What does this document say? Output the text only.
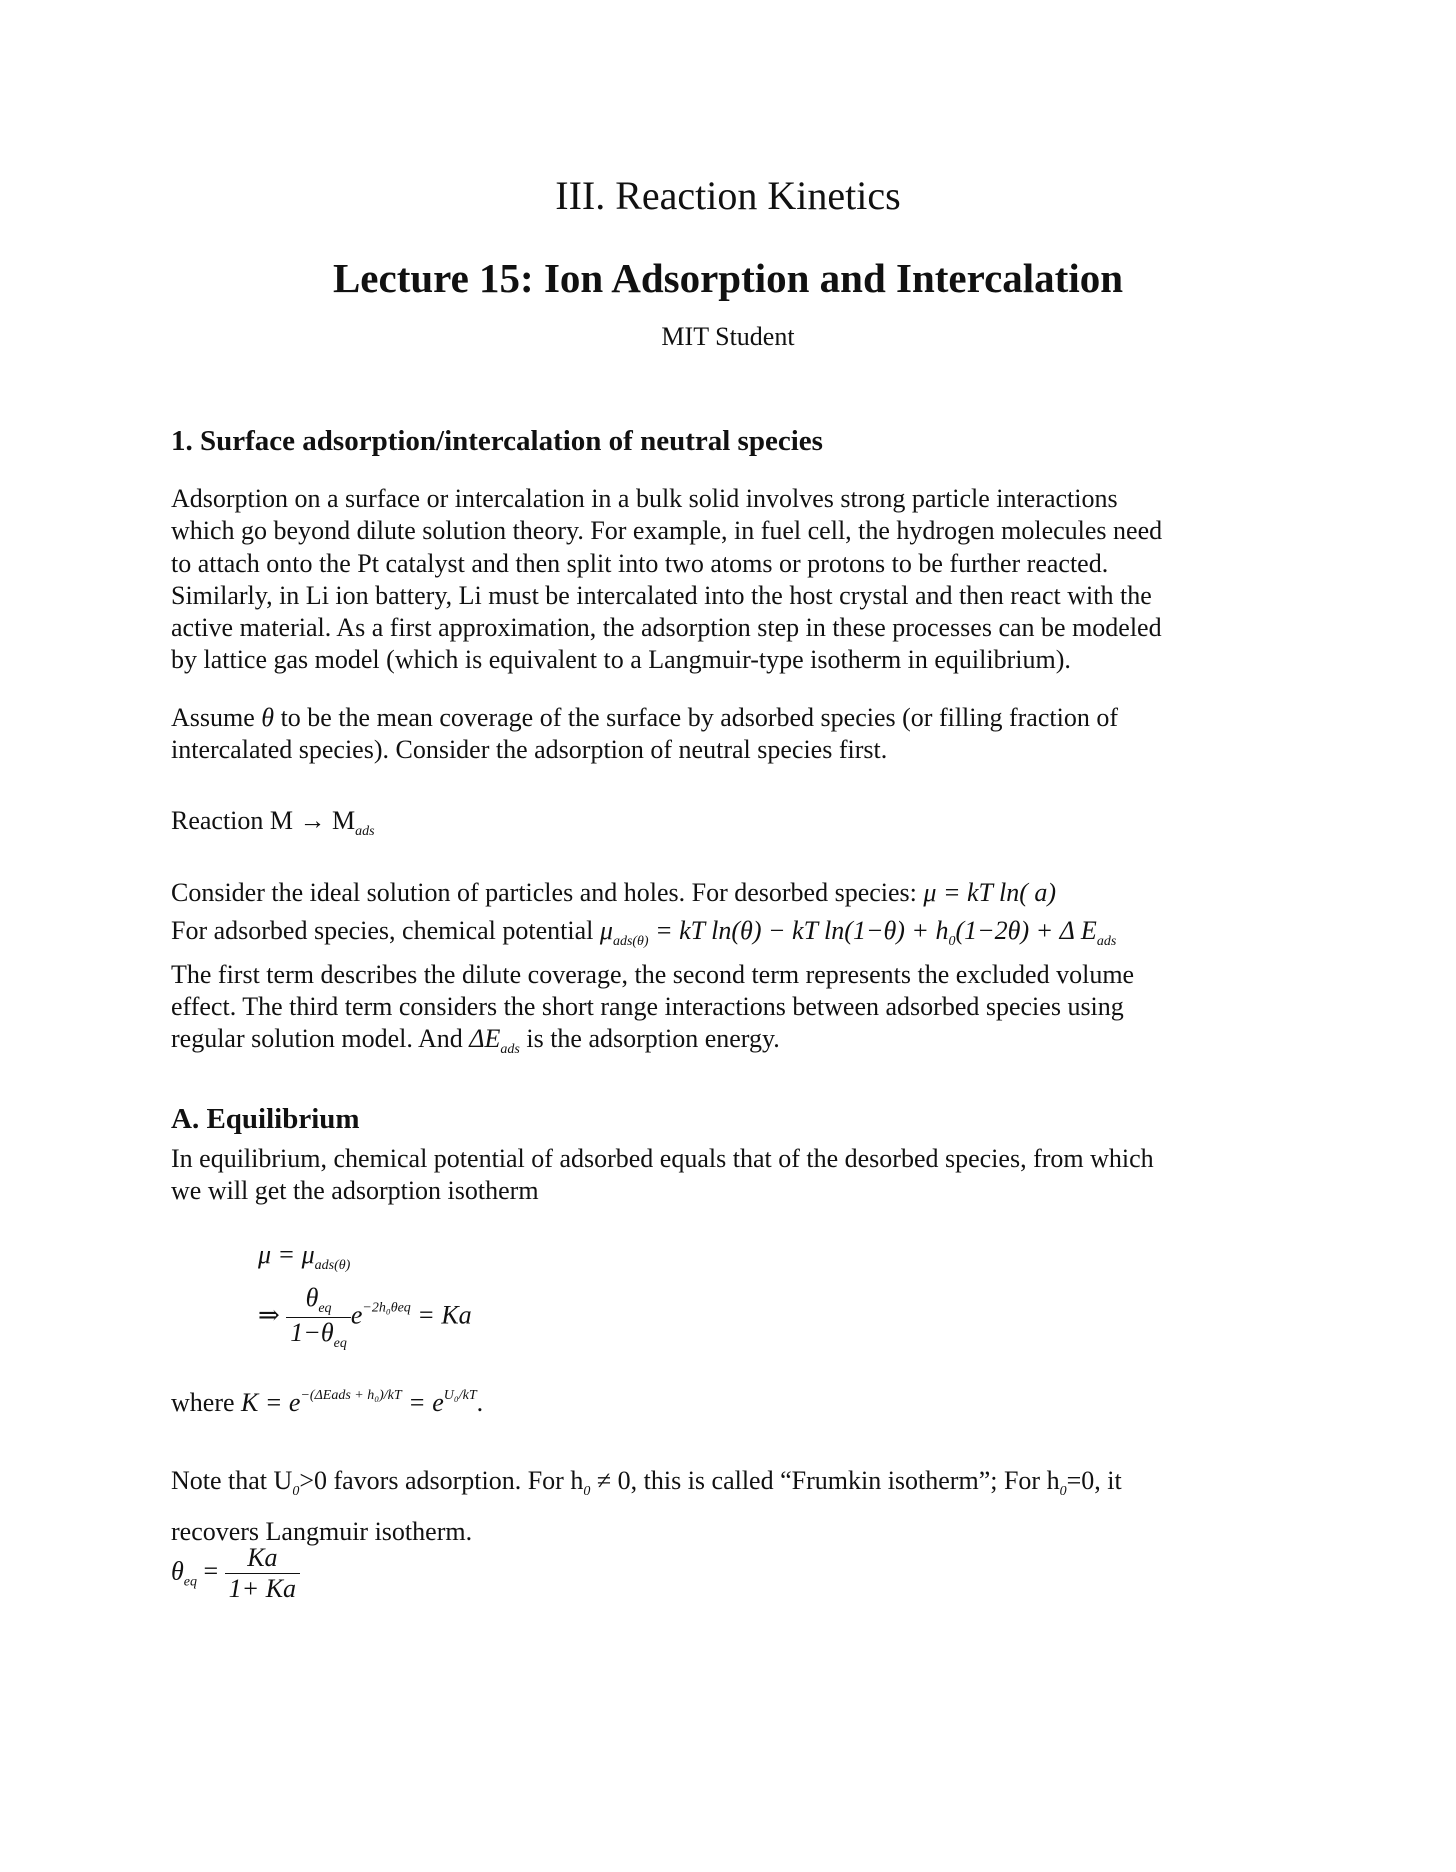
III. Reaction Kinetics
Lecture 15: Ion Adsorption and Intercalation
MIT Student
1. Surface adsorption/intercalation of neutral species
Adsorption on a surface or intercalation in a bulk solid involves strong particle interactions
which go beyond dilute solution theory. For example, in fuel cell, the hydrogen molecules need
to attach onto the Pt catalyst and then split into two atoms or protons to be further reacted.
Similarly, in Li ion battery, Li must be intercalated into the host crystal and then react with the
active material. As a first approximation, the adsorption step in these processes can be modeled
by lattice gas model (which is equivalent to a Langmuir-type isotherm in equilibrium).
Assume θ to be the mean coverage of the surface by adsorbed species (or filling fraction of
intercalated species). Consider the adsorption of neutral species first.
Reaction $M \to M_{ads}$
Consider the ideal solution of particles and holes. For desorbed species: μ = kT ln( a)
For adsorbed species, chemical potential $\mu_{ads(\theta)}$ = kT ln(θ) − kT $\ln(1-\theta) + h_0(1-2\theta) + \Delta$ $E_{ads}$
The first term describes the dilute coverage, the second term represents the excluded volume
effect. The third term considers the short range interactions between adsorbed species using
regular solution model. And $\Delta E_{ads}$ is the adsorption energy.
A. Equilibrium
In equilibrium, chemical potential of adsorbed equals that of the desorbed species, from which
we will get the adsorption isotherm
$\mu = \mu_{ads(\theta)}$
⇒ $\frac{\theta_{eq}}{1-\theta_{eq}} e^{-2h_0\theta eq} = Ka$
where $K = e^{-(\Delta Eads + h_0)/kT} = e^{U_0/kT}$.
Note that $U_0>0$ favors adsorption. For $h_0 \ne 0$, this is called “Frumkin isotherm”; For $h_0=0$, it
recovers Langmuir isotherm.
$\theta_{eq} = \frac{Ka}{1+ Ka}$
